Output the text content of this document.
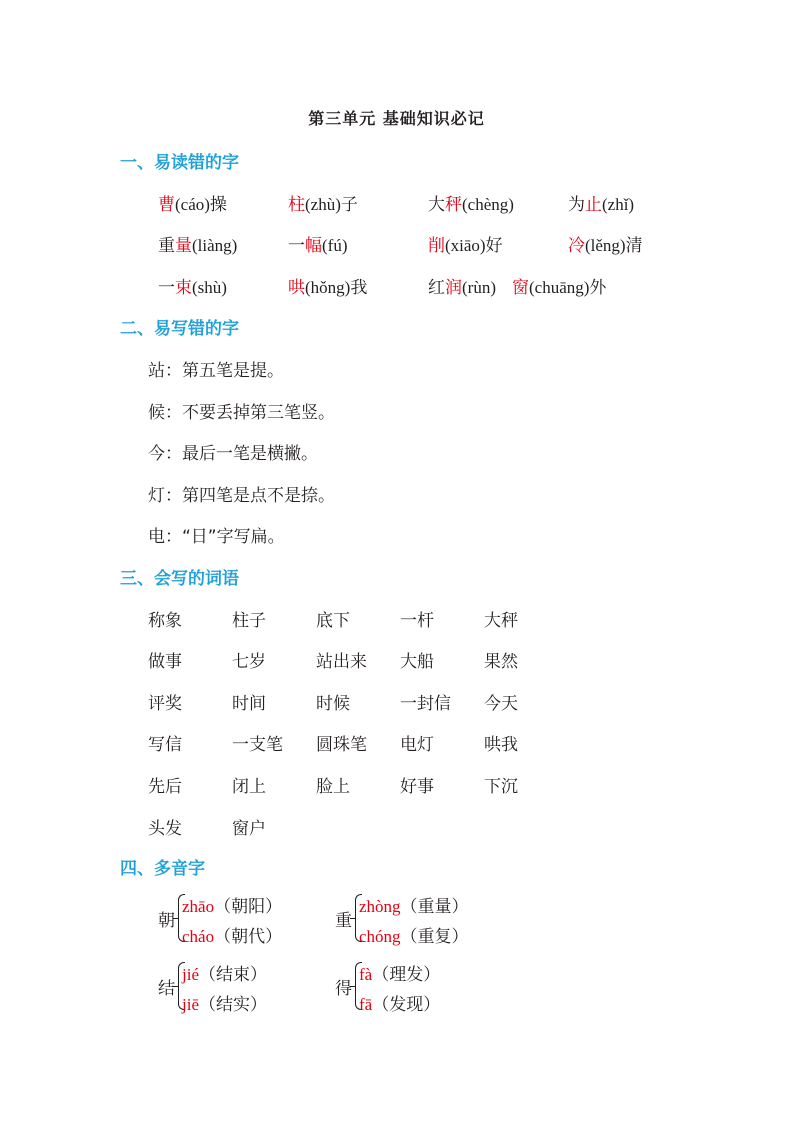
第三单元 基础知识必记
一、易读错的字
曹(cáo)操	柱(zhù)子	大秤(chèng)	为止(zhǐ)
重量(liàng)	一幅(fú)	削(xiāo)好	冷(lěng)清
一束(shù)	哄(hǒng)我	红润(rùn) 窗(chuāng)外
二、易写错的字
站：第五笔是提。
候：不要丢掉第三笔竖。
今：最后一笔是横撇。
灯：第四笔是点不是捺。
电：“日”字写扁。
三、会写的词语
称象	柱子	底下	一杆	大秤
做事	七岁	站出来 大船	果然
评奖	时间	时候	一封信 今天
写信	一支笔 圆珠笔 电灯	哄我
先后	闭上	脸上	好事	下沉
头发	窗户
四、多音字
朝
zhāo（朝阳）
cháo（朝代）
重
zhòng（重量）
chóng（重复）
结
jié（结束）
jiē（结实）
得
fà（理发）
fā（发现）
